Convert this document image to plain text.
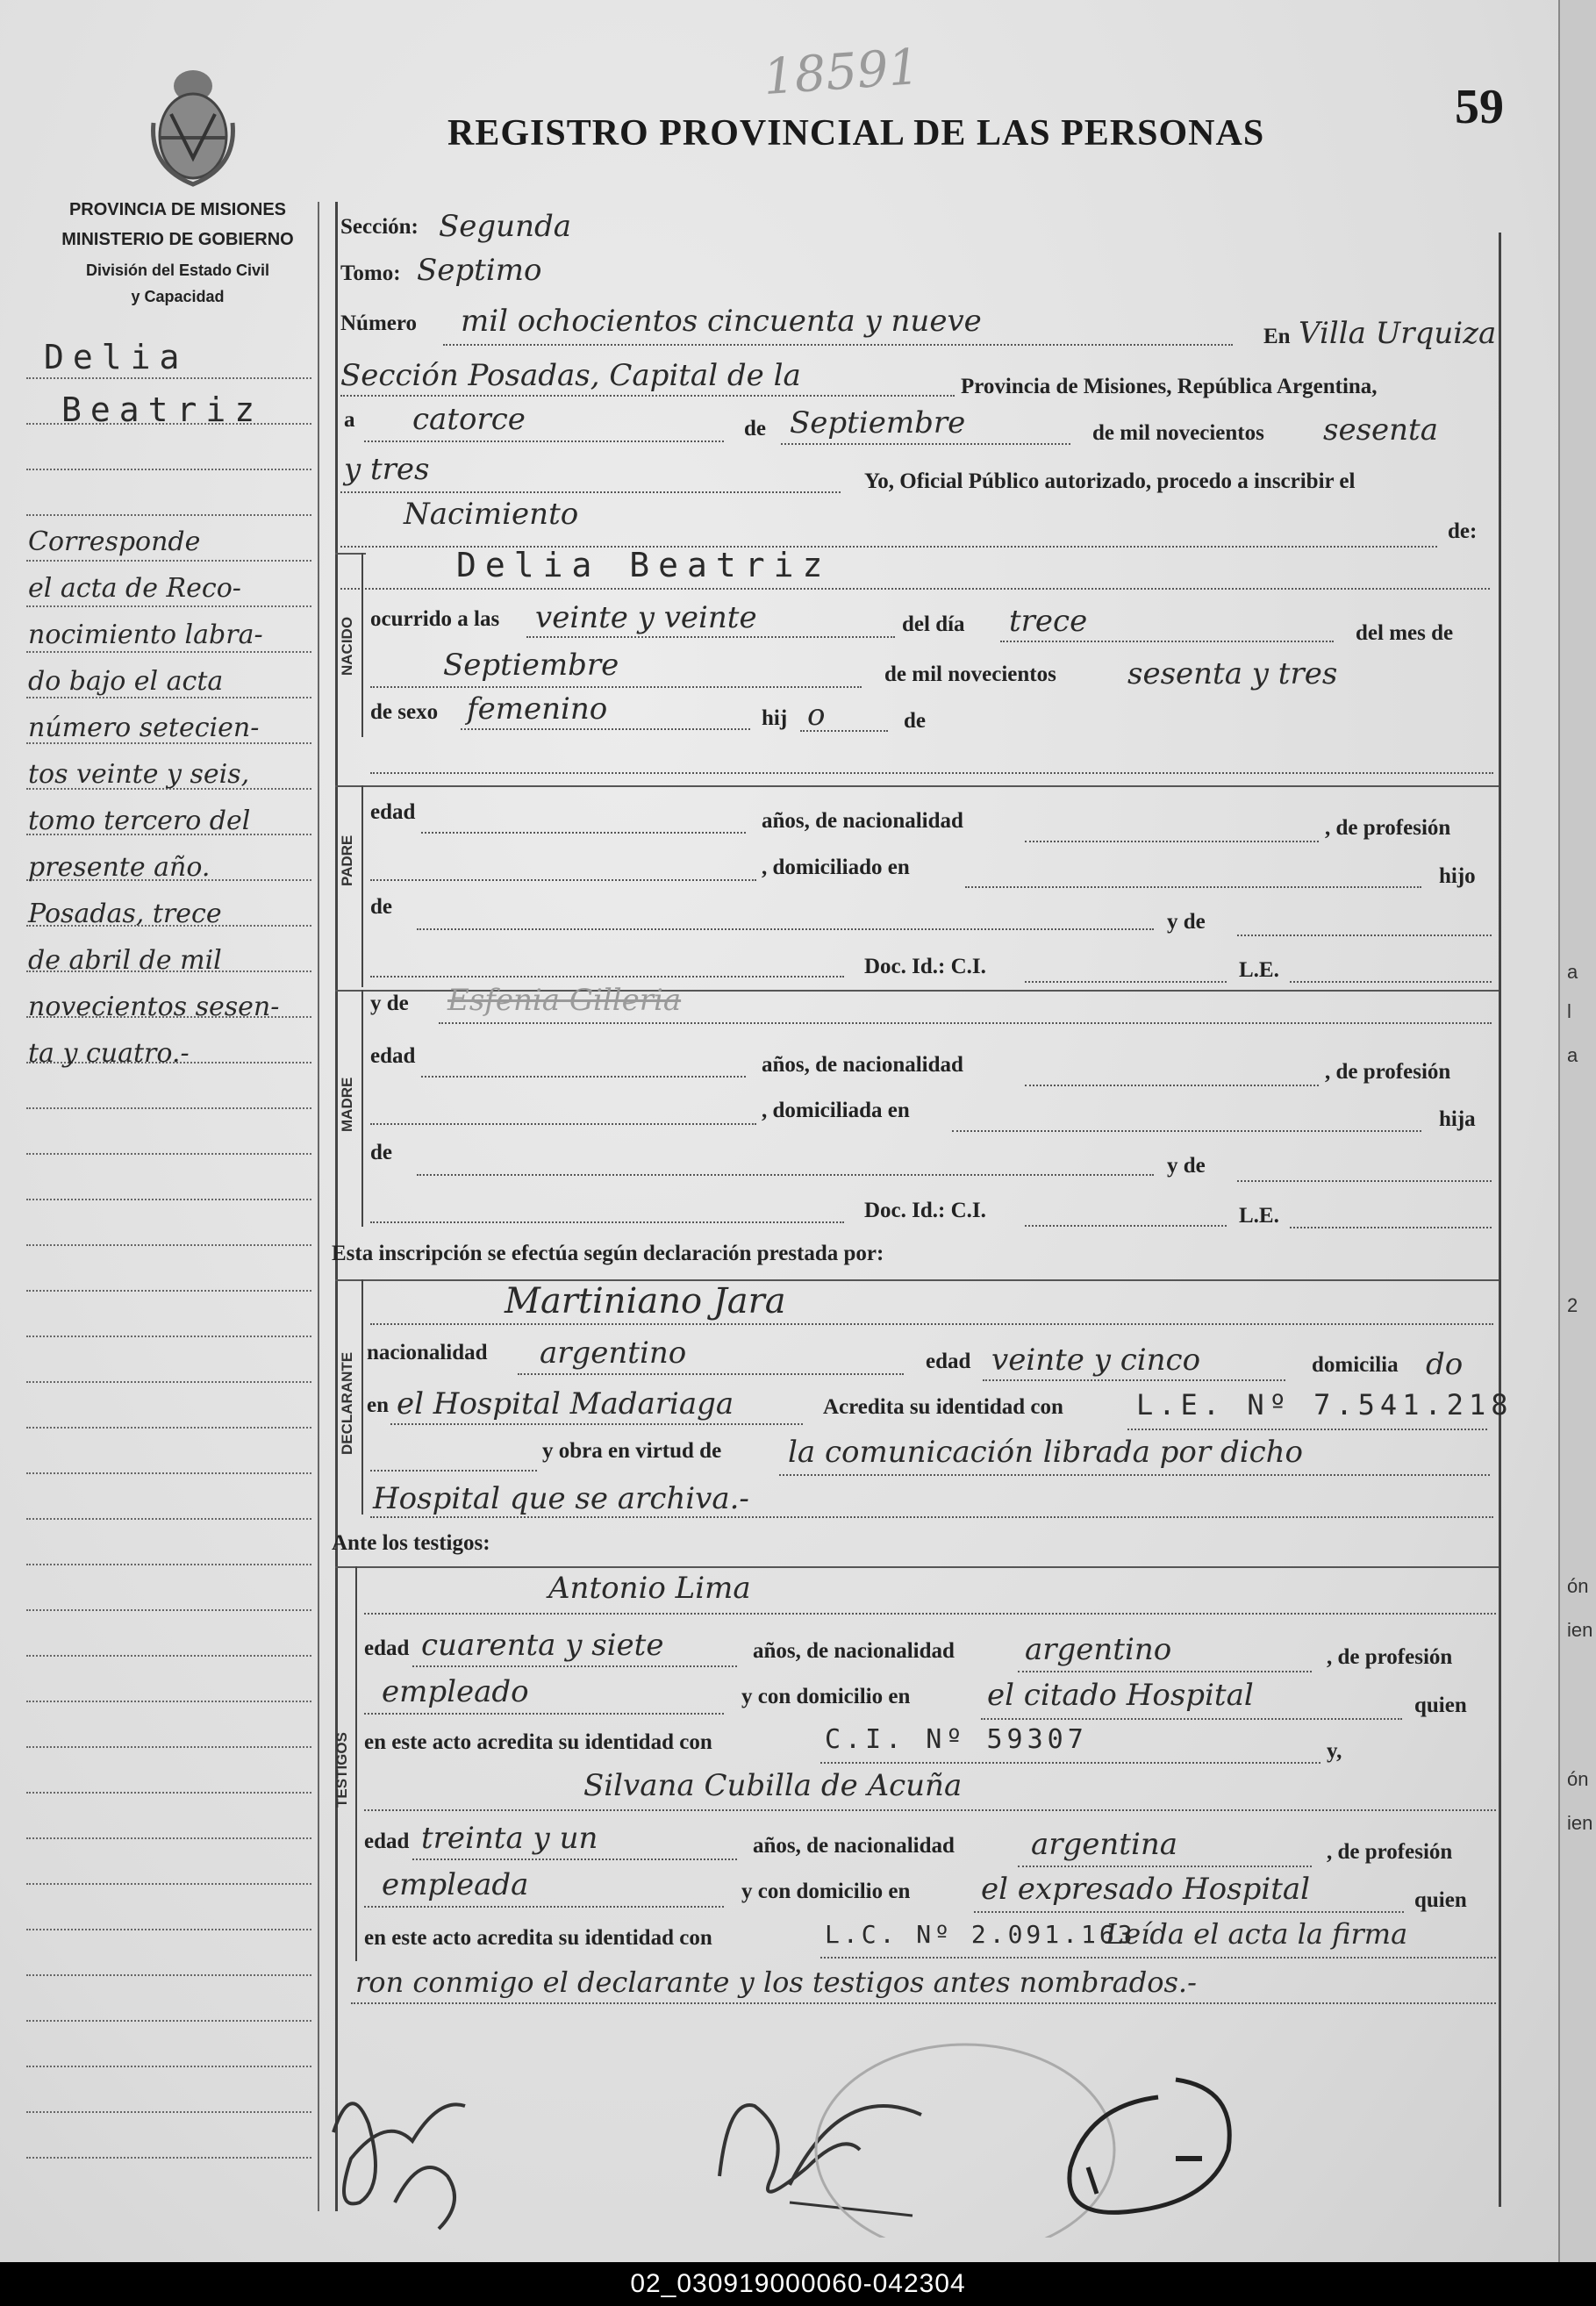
18591
REGISTRO PROVINCIAL DE LAS PERSONAS	59
PROVINCIA DE MISIONES
MINISTERIO DE GOBIERNO
División del Estado Civil
y Capacidad
Delia
Beatriz
Corresponde
el acta de Reco-
nocimiento labra-
do bajo el acta
número setecien-
tos veinte y seis,
tomo tercero del
presente año.
Posadas, trece
de abril de mil
novecientos sesen-
ta y cuatro.-
Sección: Segunda
Tomo: Septimo
Número mil ochocientos cincuenta y nueve	En Villa Urquiza
Sección Posadas, Capital de la	Provincia de Misiones, República Argentina,
a catorce	de Septiembre	de mil novecientos sesenta
y tres	Yo, Oficial Público autorizado, procedo a inscribir el
Nacimiento	de:
Delia Beatriz
NACIDO ocurrido a las veinte y veinte	del día trece	del mes de
Septiembre	de mil novecientos sesenta y tres
de sexo femenino	hij o	de
PADRE
edad	años, de nacionalidad	, de profesión
, domiciliado en	hijo
de
y de
Doc. Id.: C.I.	L.E.
MADRE
y de Esfenia Gilleria
edad	años, de nacionalidad	, de profesión
, domiciliada en	hija
de
y de
Doc. Id.: C.I.	L.E.
Esta inscripción se efectúa según declaración prestada por:
DECLARANTE
Martiniano Jara
nacionalidad argentino	edad veinte y cinco	domicilia do
en el Hospital Madariaga	Acredita su identidad con	L.E. Nº 7.541.218
y obra en virtud de la comunicación librada por dicho
Hospital que se archiva.-
Ante los testigos:
TESTIGOS
Antonio Lima
edad cuarenta y siete	años, de nacionalidad argentino	, de profesión
empleado	y con domicilio en	el citado Hospital	quien
en este acto acredita su identidad con	C.I. Nº 59307	y,
Silvana Cubilla de Acuña
edad treinta y un	años, de nacionalidad	argentina	, de profesión
empleada	y con domicilio en el expresado Hospital	quien
en este acto acredita su identidad con	L.C. Nº 2.091.163
Leída el acta la firma
ron conmigo el declarante y los testigos antes nombrados.-
a
l
a
2
ón
ien
ón
ien
02_030919000060-042304
